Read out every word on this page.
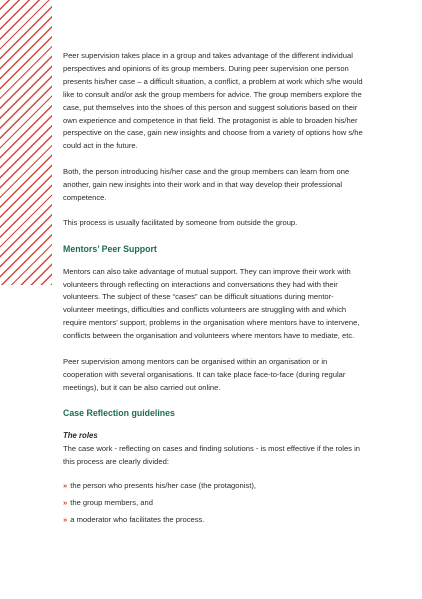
Peer supervision takes place in a group and takes advantage of the different individual perspectives and opinions of its group members. During peer supervision one person presents his/her case – a difficult situation, a conflict, a problem at work which s/he would like to consult and/or ask the group members for advice. The group members explore the case, put themselves into the shoes of this person and suggest solutions based on their own experience and competence in that field. The protagonist is able to broaden his/her perspective on the case, gain new insights and choose from a variety of options how s/he could act in the future.

Both, the person introducing his/her case and the group members can learn from one another, gain new insights into their work and in that way develop their professional competence.

This process is usually facilitated by someone from outside the group.

Mentors’ Peer Support

Mentors can also take advantage of mutual support. They can improve their work with volunteers through reflecting on interactions and conversations they had with their volunteers. The subject of these “cases” can be difficult situations during mentor-volunteer meetings, difficulties and conflicts volunteers are struggling with and which require mentors’ support, problems in the organisation where mentors have to intervene, conflicts between the organisation and volunteers where mentors have to mediate, etc.

Peer supervision among mentors can be organised within an organisation or in cooperation with several organisations. It can take place face-to-face (during regular meetings), but it can be also carried out online.

Case Reflection guidelines
The roles

The case work - reflecting on cases and finding solutions - is most effective if the roles in this process are clearly divided:

» the person who presents his/her case (the protagonist),
» the group members, and
» a moderator who facilitates the process.
